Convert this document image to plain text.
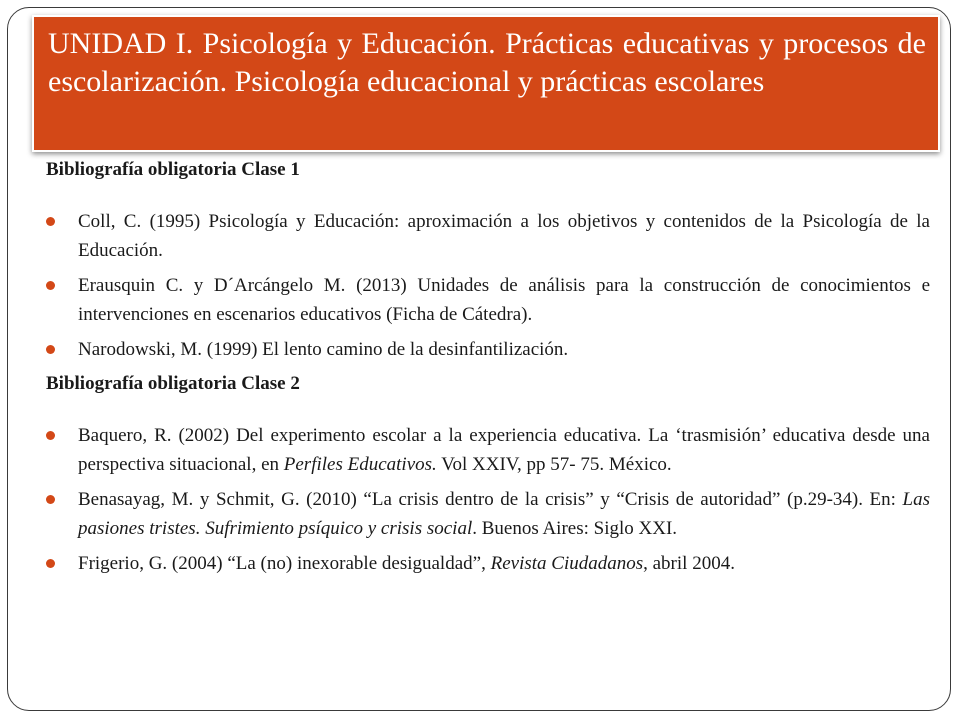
UNIDAD I. Psicología y Educación. Prácticas educativas y procesos de escolarización. Psicología educacional y prácticas escolares

Bibliografía obligatoria Clase 1

Coll, C. (1995) Psicología y Educación: aproximación a los objetivos y contenidos de la Psicología de la Educación.
Erausquin C. y D´Arcángelo M. (2013) Unidades de análisis para la construcción de conocimientos e intervenciones en escenarios educativos (Ficha de Cátedra).
Narodowski, M. (1999) El lento camino de la desinfantilización.

Bibliografía obligatoria Clase 2

Baquero, R. (2002) Del experimento escolar a la experiencia educativa. La ‘trasmisión’ educativa desde una perspectiva situacional, en Perfiles Educativos. Vol XXIV, pp 57- 75. México.
Benasayag, M. y Schmit, G. (2010) “La crisis dentro de la crisis” y “Crisis de autoridad” (p.29-34). En: Las pasiones tristes. Sufrimiento psíquico y crisis social. Buenos Aires: Siglo XXI.
Frigerio, G. (2004) “La (no) inexorable desigualdad”, Revista Ciudadanos, abril 2004.
